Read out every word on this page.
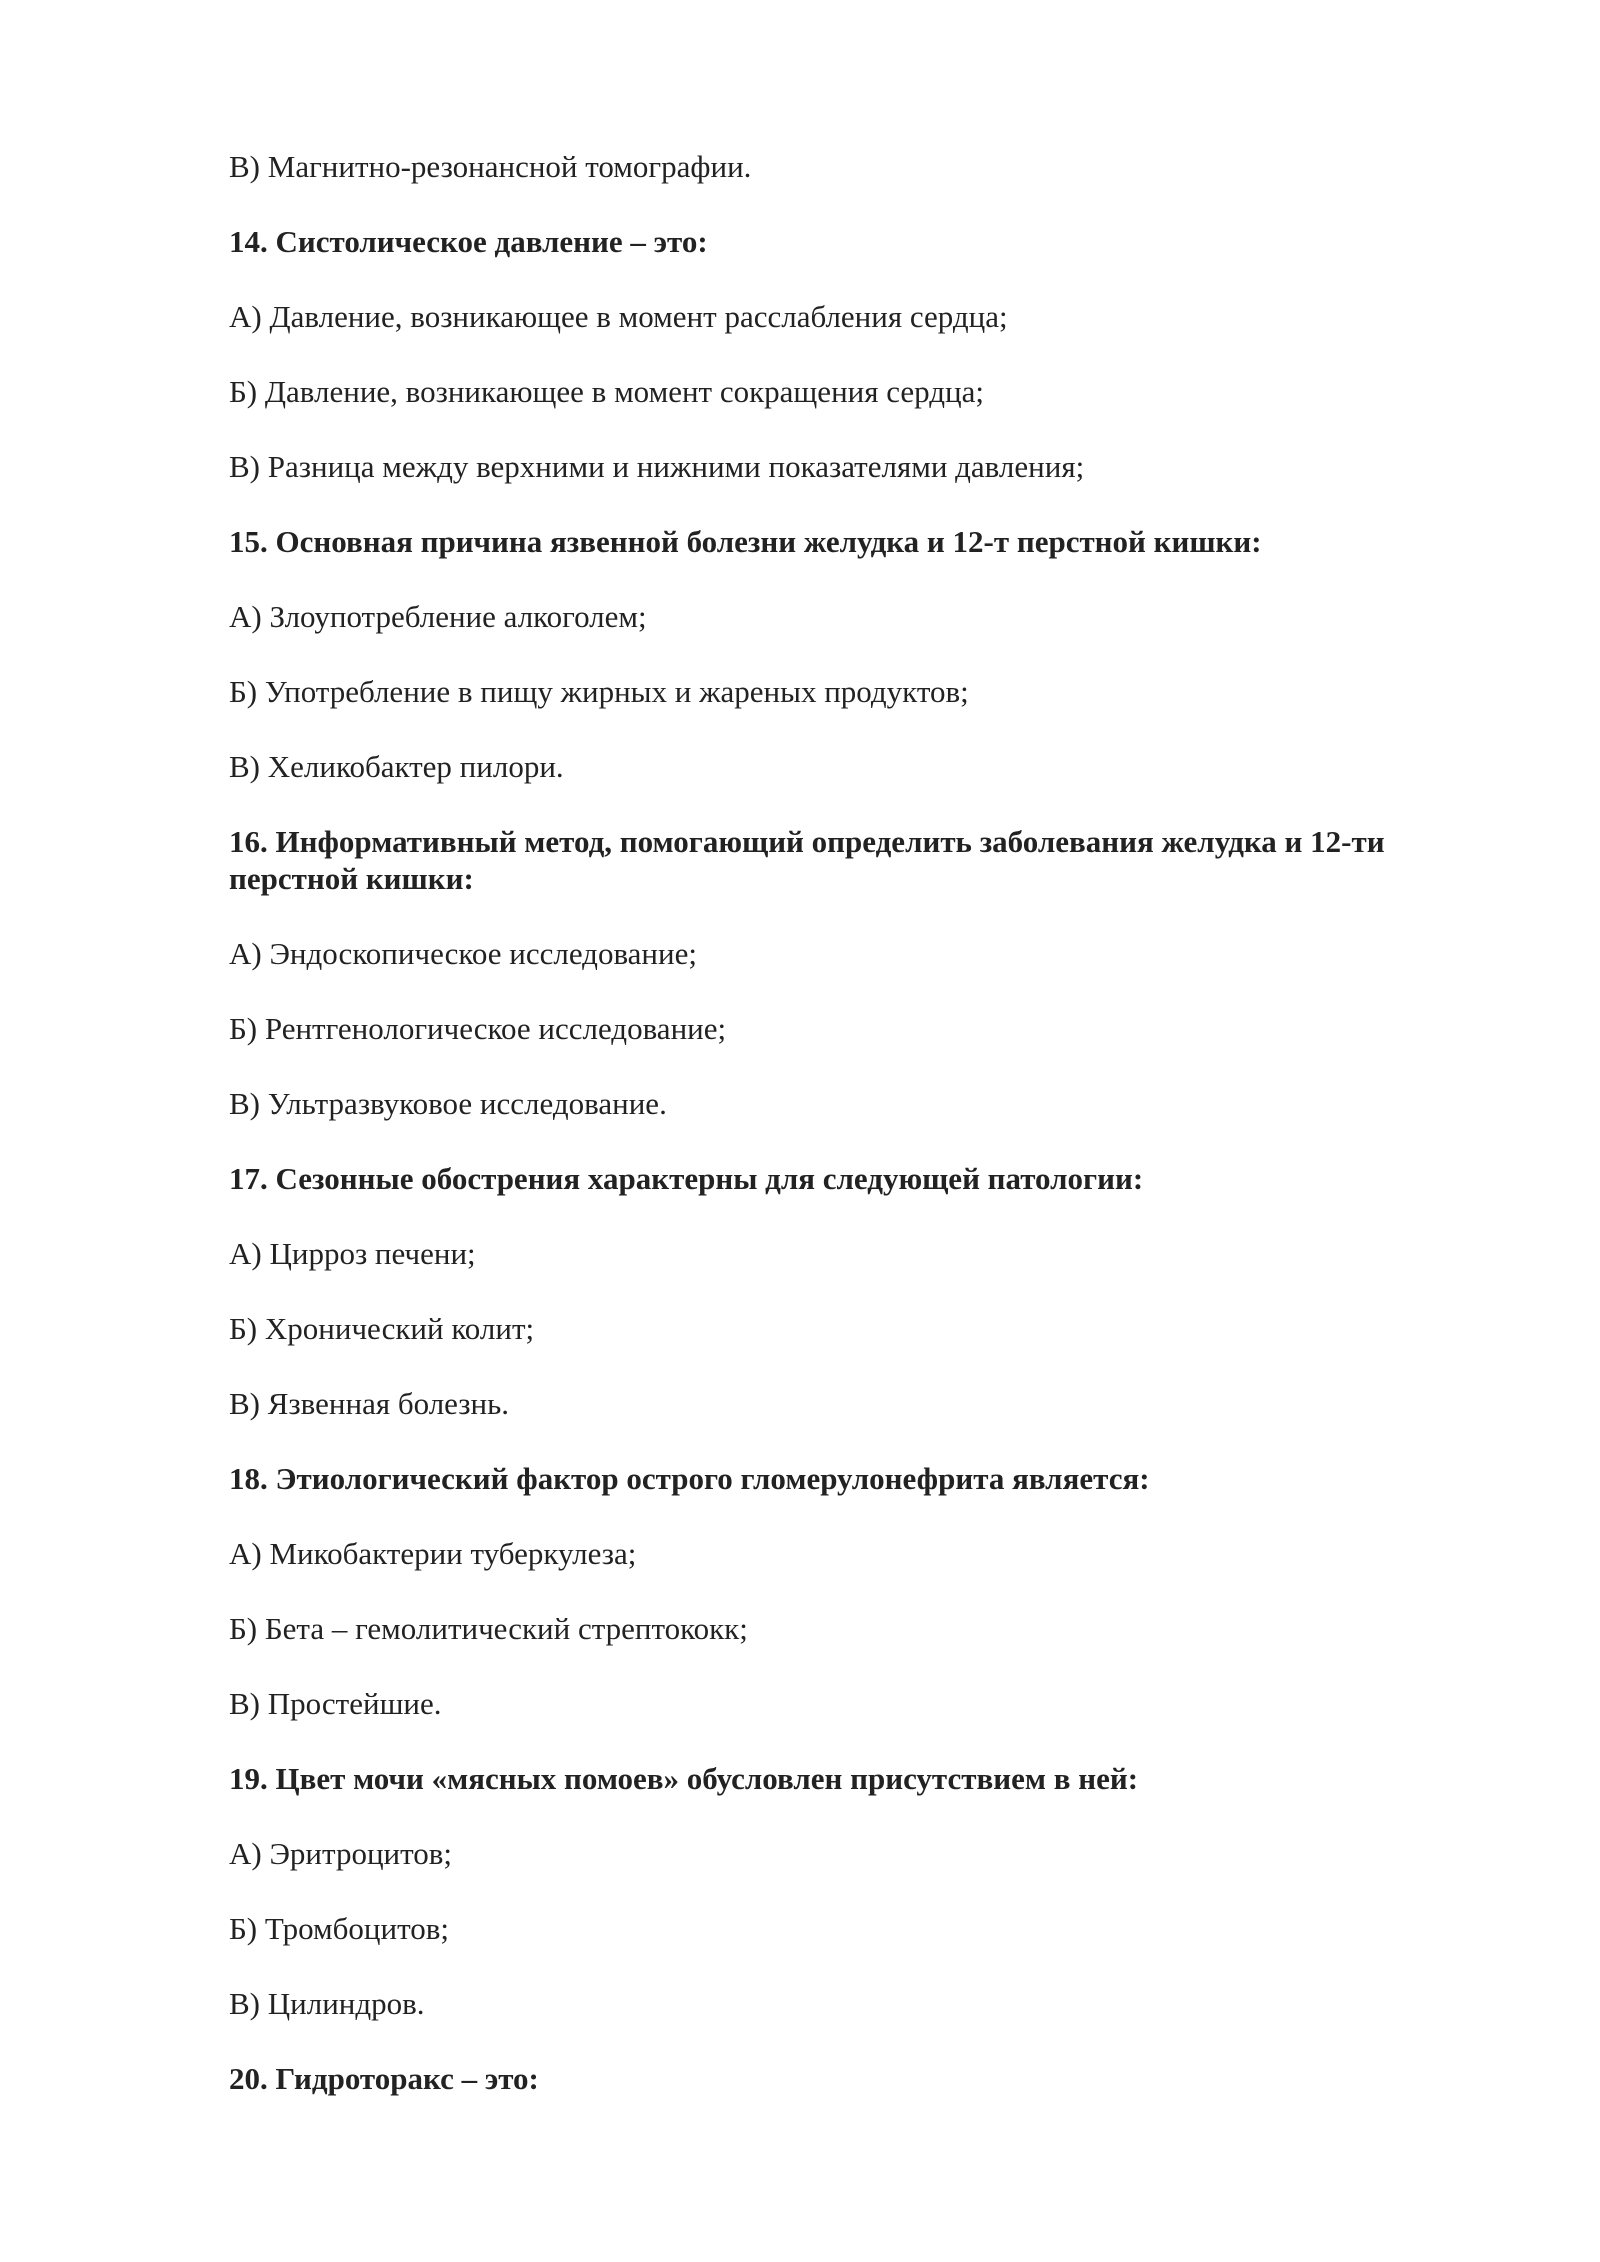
В) Магнитно-резонансной томографии.
14. Систолическое давление – это:
А) Давление, возникающее в момент расслабления сердца;
Б) Давление, возникающее в момент сокращения сердца;
В) Разница между верхними и нижними показателями давления;
15. Основная причина язвенной болезни желудка и 12-т перстной кишки:
А) Злоупотребление алкоголем;
Б) Употребление в пищу жирных и жареных продуктов;
В) Хеликобактер пилори.
16. Информативный метод, помогающий определить заболевания желудка и 12-ти перстной кишки:
А) Эндоскопическое исследование;
Б) Рентгенологическое исследование;
В) Ультразвуковое исследование.
17. Сезонные обострения характерны для следующей патологии:
А) Цирроз печени;
Б) Хронический колит;
В) Язвенная болезнь.
18. Этиологический фактор острого гломерулонефрита является:
А) Микобактерии туберкулеза;
Б) Бета – гемолитический стрептококк;
В) Простейшие.
19. Цвет мочи «мясных помоев» обусловлен присутствием в ней:
А) Эритроцитов;
Б) Тромбоцитов;
В) Цилиндров.
20. Гидроторакс – это:
